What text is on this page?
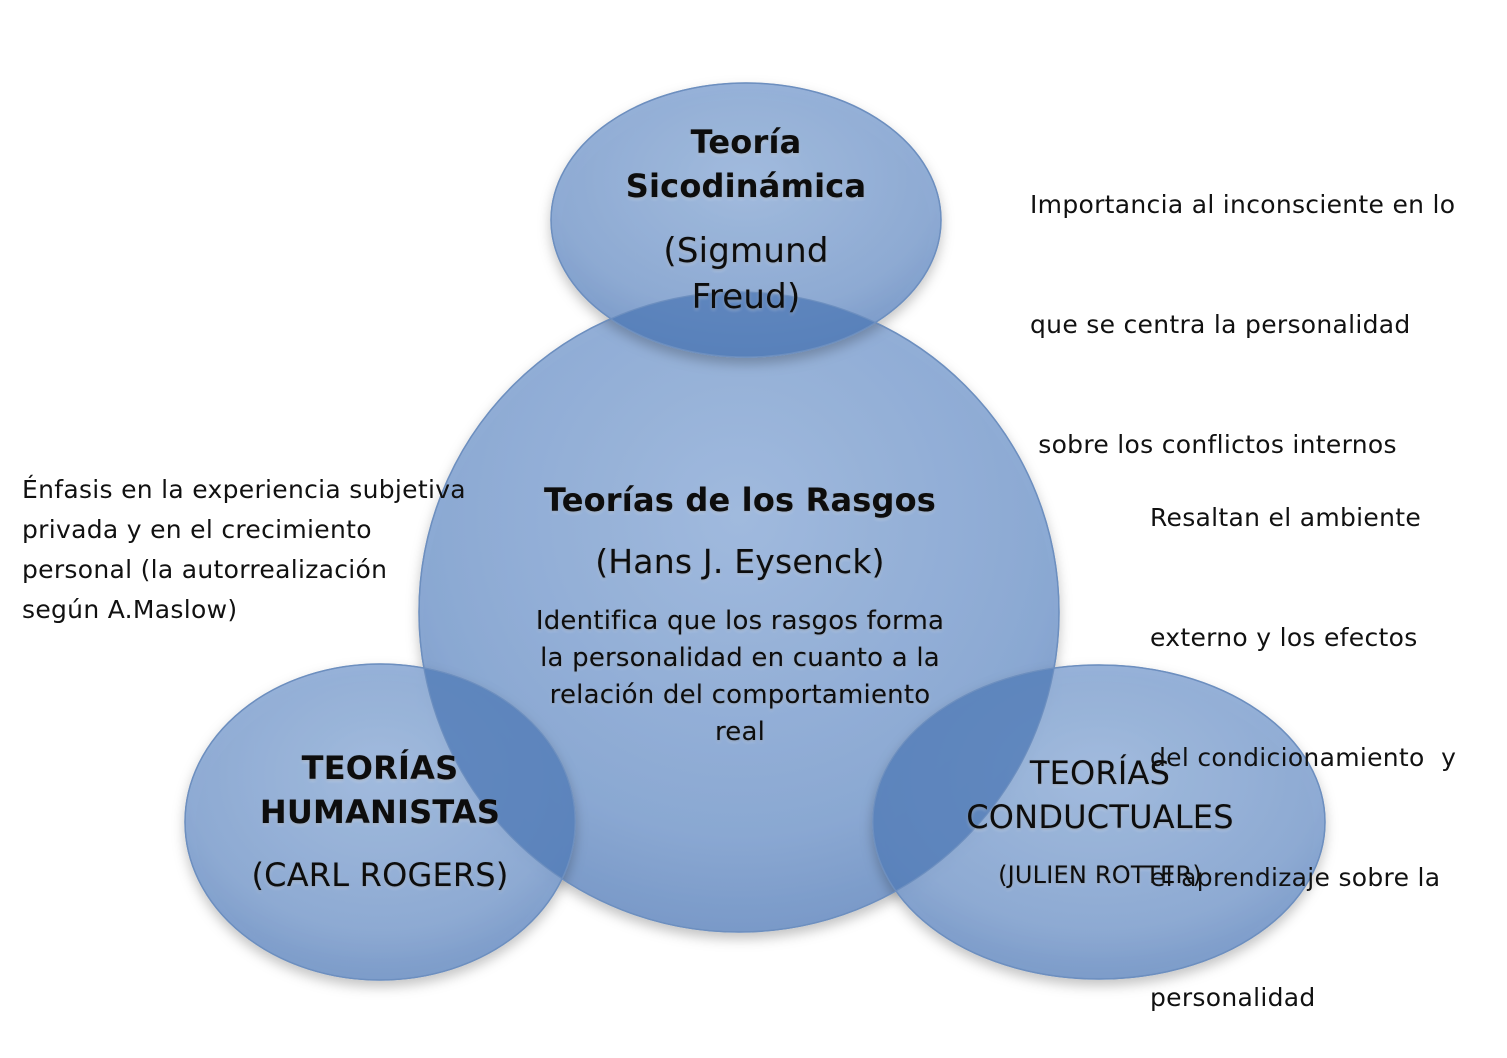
Teoría
Sicodinámica
(Sigmund
Freud)
Teorías de los Rasgos
(Hans J. Eysenck)
Identifica que los rasgos forma
la personalidad en cuanto a la
relación del comportamiento
real
TEORÍAS
HUMANISTAS
(CARL ROGERS)
TEORÍAS
CONDUCTUALES
(JULIEN ROTTER)

Importancia al inconsciente en lo

que se centra la personalidad

sobre los conflictos internos

Énfasis en la experiencia subjetiva
privada y en el crecimiento
personal (la autorrealización
según A.Maslow)

Resaltan el ambiente

externo y los efectos

del condicionamiento  y

el aprendizaje sobre la

personalidad
